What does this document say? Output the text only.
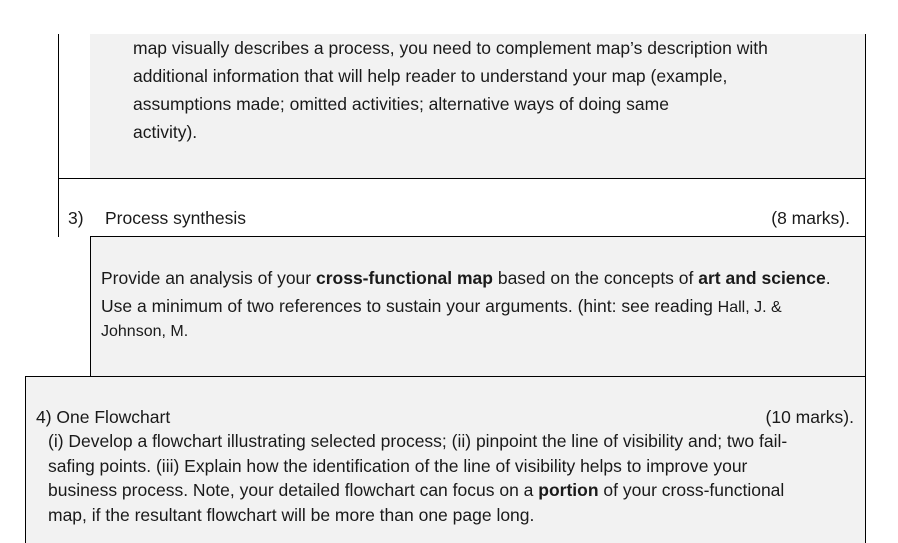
map visually describes a process, you need to complement map’s description with
additional information that will help reader to understand your map (example,
assumptions made; omitted activities; alternative ways of doing same
activity).
3) Process synthesis	(8 marks).
Provide an analysis of your cross-functional map based on the concepts of art and science.
Use a minimum of two references to sustain your arguments. (hint: see reading Hall, J. &
Johnson, M.
4) One Flowchart	(10 marks).
(i) Develop a flowchart illustrating selected process; (ii) pinpoint the line of visibility and; two fail-
safing points. (iii) Explain how the identification of the line of visibility helps to improve your
business process. Note, your detailed flowchart can focus on a portion of your cross-functional
map, if the resultant flowchart will be more than one page long.
